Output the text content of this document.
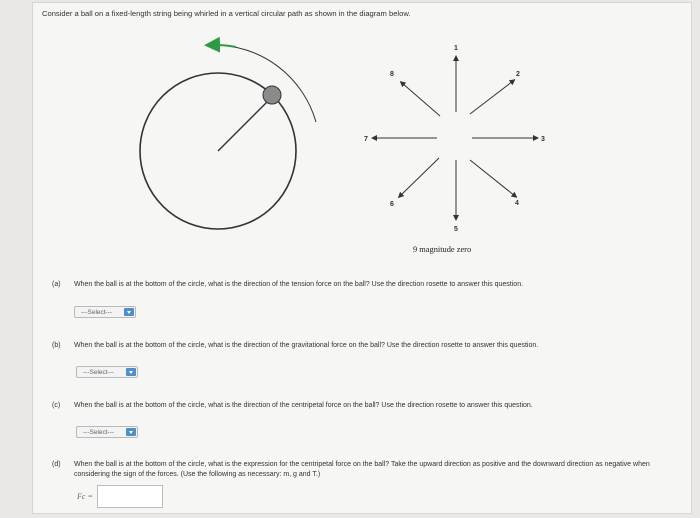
Consider a ball on a fixed-length string being whirled in a vertical circular path as shown in the diagram below.
1
2
3
4
5
6
7
8
9 magnitude zero
(a) When the ball is at the bottom of the circle, what is the direction of the tension force on the ball? Use the direction rosette to answer this question.
---Select---
(b) When the ball is at the bottom of the circle, what is the direction of the gravitational force on the ball? Use the direction rosette to answer this question.
---Select---
(c) When the ball is at the bottom of the circle, what is the direction of the centripetal force on the ball? Use the direction rosette to answer this question.
---Select---
(d) When the ball is at the bottom of the circle, what is the expression for the centripetal force on the ball? Take the upward direction as positive and the downward direction as negative when considering the sign of the forces. (Use the following as necessary: m, g and T.)
Fc =
